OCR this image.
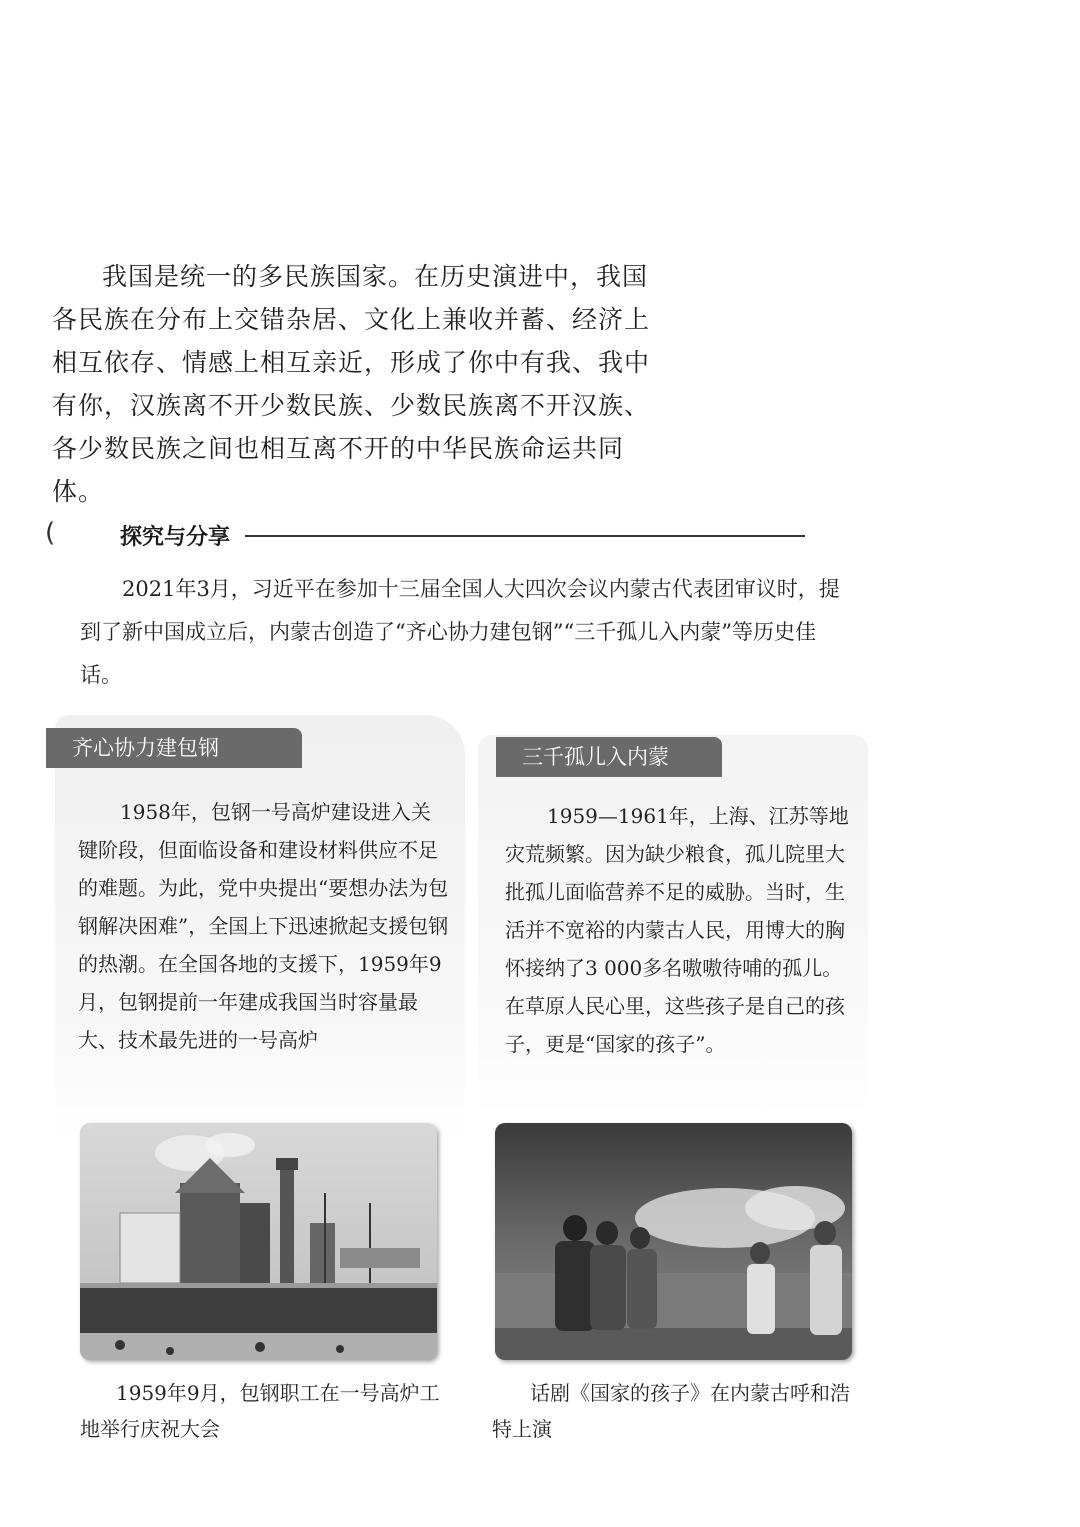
我国是统一的多民族国家。在历史演进中，我国各民族在分布上交错杂居、文化上兼收并蓄、经济上相互依存、情感上相互亲近，形成了你中有我、我中有你，汉族离不开少数民族、少数民族离不开汉族、各少数民族之间也相互离不开的中华民族命运共同体。

(	探究与分享

2021年3月，习近平在参加十三届全国人大四次会议内蒙古代表团审议时，提到了新中国成立后，内蒙古创造了“齐心协力建包钢”“三千孤儿入内蒙”等历史佳话。

齐心协力建包钢	三千孤儿入内蒙

1958年，包钢一号高炉建设进入关键阶段，但面临设备和建设材料供应不足的难题。为此，党中央提出“要想办法为包钢解决困难”，全国上下迅速掀起支援包钢的热潮。在全国各地的支援下，1959年9月，包钢提前一年建成我国当时容量最大、技术最先进的一号高炉

1959—1961年，上海、江苏等地灾荒频繁。因为缺少粮食，孤儿院里大批孤儿面临营养不足的威胁。当时，生活并不宽裕的内蒙古人民，用博大的胸怀接纳了3 000多名嗷嗷待哺的孤儿。在草原人民心里，这些孩子是自己的孩子，更是“国家的孩子”。

1959年9月，包钢职工在一号高炉工地举行庆祝大会

话剧《国家的孩子》在内蒙古呼和浩特上演
